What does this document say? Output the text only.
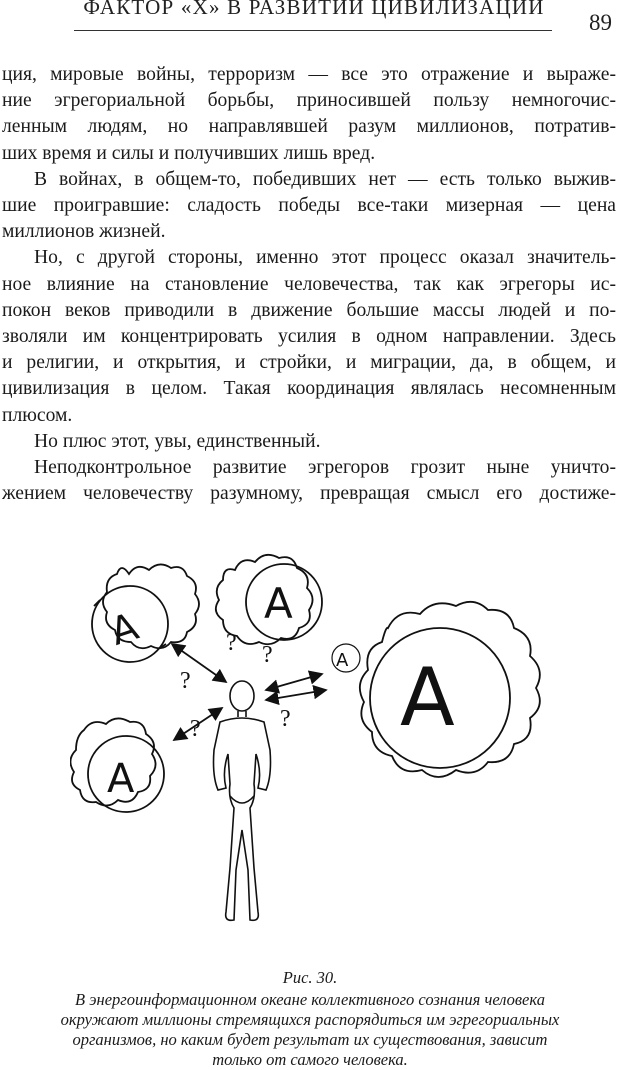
ФАКТОР «Х» В РАЗВИТИИ ЦИВИЛИЗАЦИИ
89

ция, мировые войны, терроризм — все это отражение и выраже-
ние эгрегориальной борьбы, приносившей пользу немногочис-
ленным людям, но направлявшей разум миллионов, потратив-
ших время и силы и получивших лишь вред.

В войнах, в общем-то, победивших нет — есть только выжив-
шие проигравшие: сладость победы все-таки мизерная — цена
миллионов жизней.

Но, с другой стороны, именно этот процесс оказал значитель-
ное влияние на становление человечества, так как эгрегоры ис-
покон веков приводили в движение большие массы людей и по-
зволяли им концентрировать усилия в одном направлении. Здесь
и религии, и открытия, и стройки, и миграции, да, в общем, и
цивилизация в целом. Такая координация являлась несомненным
плюсом.

Но плюс этот, увы, единственный.

Неподконтрольное развитие эгрегоров грозит ныне уничто-
жением человечеству разумному, превращая смысл его достиже-

A
A
A
A A
? ?
?
?
?
Рис. 30.
В энергоинформационном океане коллективного сознания человека
окружают миллионы стремящихся распорядиться им эгрегориальных
организмов, но каким будет результат их существования, зависит
только от самого человека.
